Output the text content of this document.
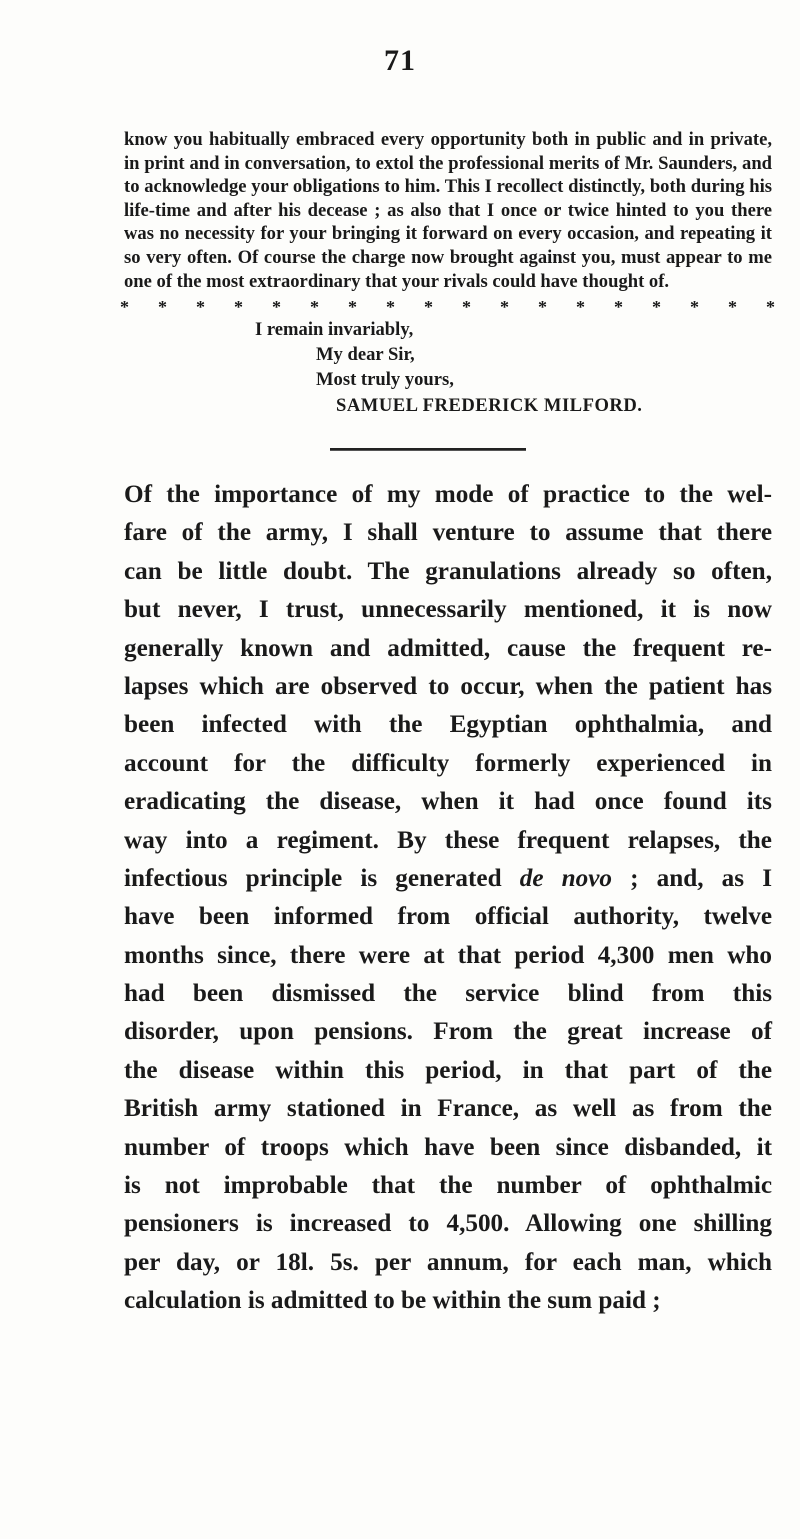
71
know you habitually embraced every opportunity both in public and in private, in print and in conversation, to extol the professional merits of Mr. Saunders, and to acknowledge your obligations to him. This I recollect distinctly, both during his life-time and after his decease ; as also that I once or twice hinted to you there was no necessity for your bringing it forward on every occasion, and repeating it so very often. Of course the charge now brought against you, must appear to me one of the most extraordinary that your rivals could have thought of.
* * * * * * * * * * * * * * * * * *
I remain invariably,
My dear Sir,
Most truly yours,
SAMUEL FREDERICK MILFORD.
Of the importance of my mode of practice to the wel-
fare of the army, I shall venture to assume that there
can be little doubt. The granulations already so often,
but never, I trust, unnecessarily mentioned, it is now
generally known and admitted, cause the frequent re-
lapses which are observed to occur, when the patient has
been infected with the Egyptian ophthalmia, and
account for the difficulty formerly experienced in
eradicating the disease, when it had once found its
way into a regiment. By these frequent relapses, the
infectious principle is generated de novo ; and, as I
have been informed from official authority, twelve
months since, there were at that period 4,300 men who
had been dismissed the service blind from this
disorder, upon pensions. From the great increase of
the disease within this period, in that part of the
British army stationed in France, as well as from the
number of troops which have been since disbanded, it
is not improbable that the number of ophthalmic
pensioners is increased to 4,500. Allowing one shilling
per day, or 18l. 5s. per annum, for each man, which
calculation is admitted to be within the sum paid ;
